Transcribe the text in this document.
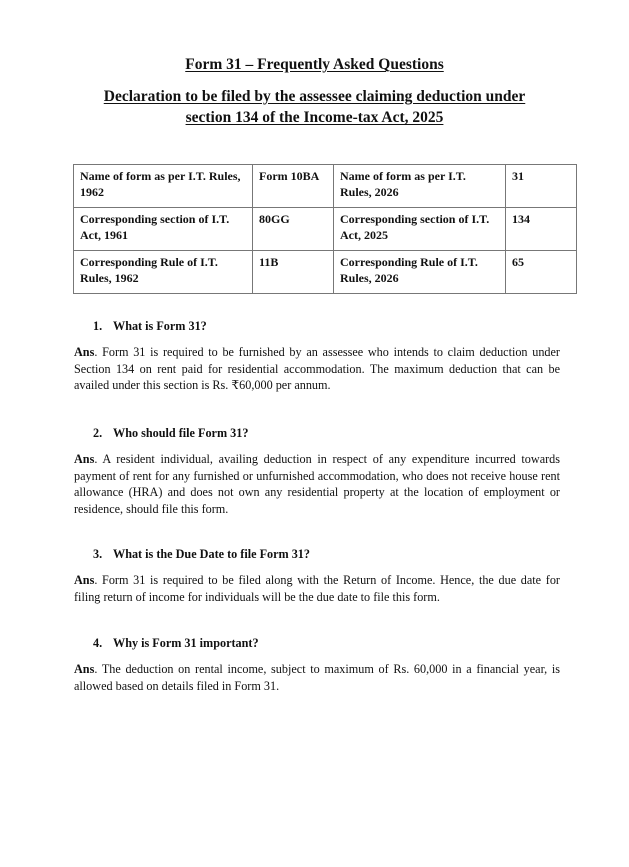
Form 31 – Frequently Asked Questions
Declaration to be filed by the assessee claiming deduction under
section 134 of the Income-tax Act, 2025
Name of form as per I.T. Rules, 1962	Form 10BA	Name of form as per I.T. Rules, 2026	31
Corresponding section of I.T. Act, 1961	80GG	Corresponding section of I.T. Act, 2025	134
Corresponding Rule of I.T. Rules, 1962	11B	Corresponding Rule of I.T. Rules, 2026	65

1. What is Form 31?

Ans. Form 31 is required to be furnished by an assessee who intends to claim deduction under Section 134 on rent paid for residential accommodation. The maximum deduction that can be availed under this section is Rs. ₹60,000 per annum.

2. Who should file Form 31?

Ans. A resident individual, availing deduction in respect of any expenditure incurred towards payment of rent for any furnished or unfurnished accommodation, who does not receive house rent allowance (HRA) and does not own any residential property at the location of employment or residence, should file this form.

3. What is the Due Date to file Form 31?

Ans. Form 31 is required to be filed along with the Return of Income. Hence, the due date for filing return of income for individuals will be the due date to file this form.

4. Why is Form 31 important?

Ans. The deduction on rental income, subject to maximum of Rs. 60,000 in a financial year, is allowed based on details filed in Form 31.
